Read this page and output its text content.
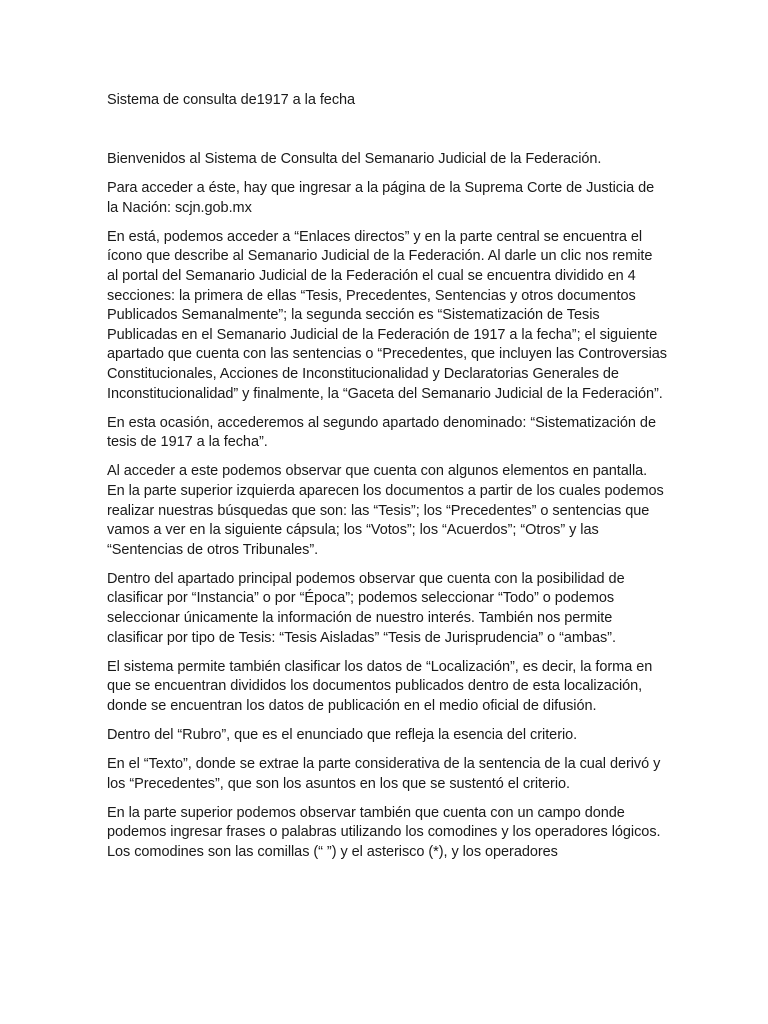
Sistema de consulta de1917 a la fecha

Bienvenidos al Sistema de Consulta del Semanario Judicial de la Federación.

Para acceder a éste, hay que ingresar a la página de la Suprema Corte de Justicia de la Nación: scjn.gob.mx

En está, podemos acceder a “Enlaces directos” y en la parte central se encuentra el ícono que describe al Semanario Judicial de la Federación. Al darle un clic nos remite al portal del Semanario Judicial de la Federación el cual se encuentra dividido en 4 secciones: la primera de ellas “Tesis, Precedentes, Sentencias y otros documentos Publicados Semanalmente”; la segunda sección es “Sistematización de Tesis Publicadas en el Semanario Judicial de la Federación de 1917 a la fecha”; el siguiente apartado que cuenta con las sentencias o “Precedentes, que incluyen las Controversias Constitucionales, Acciones de Inconstitucionalidad y Declaratorias Generales de Inconstitucionalidad” y finalmente, la “Gaceta del Semanario Judicial de la Federación”.

En esta ocasión, accederemos al segundo apartado denominado: “Sistematización de tesis de 1917 a la fecha”.

Al acceder a este podemos observar que cuenta con algunos elementos en pantalla. En la parte superior izquierda aparecen los documentos a partir de los cuales podemos realizar nuestras búsquedas que son: las “Tesis”; los “Precedentes” o sentencias que vamos a ver en la siguiente cápsula; los “Votos”; los “Acuerdos”; “Otros” y las “Sentencias de otros Tribunales”.

Dentro del apartado principal podemos observar que cuenta con la posibilidad de clasificar por “Instancia” o por “Época”; podemos seleccionar “Todo” o podemos seleccionar únicamente la información de nuestro interés. También nos permite clasificar por tipo de Tesis: “Tesis Aisladas” “Tesis de Jurisprudencia” o “ambas”.

El sistema permite también clasificar los datos de “Localización”, es decir, la forma en que se encuentran divididos los documentos publicados dentro de esta localización, donde se encuentran los datos de publicación en el medio oficial de difusión.

Dentro del “Rubro”, que es el enunciado que refleja la esencia del criterio.

En el “Texto”, donde se extrae la parte considerativa de la sentencia de la cual derivó y los “Precedentes”, que son los asuntos en los que se sustentó el criterio.

En la parte superior podemos observar también que cuenta con un campo donde podemos ingresar frases o palabras utilizando los comodines y los operadores lógicos. Los comodines son las comillas (“ ”) y el asterisco (*), y los operadores
